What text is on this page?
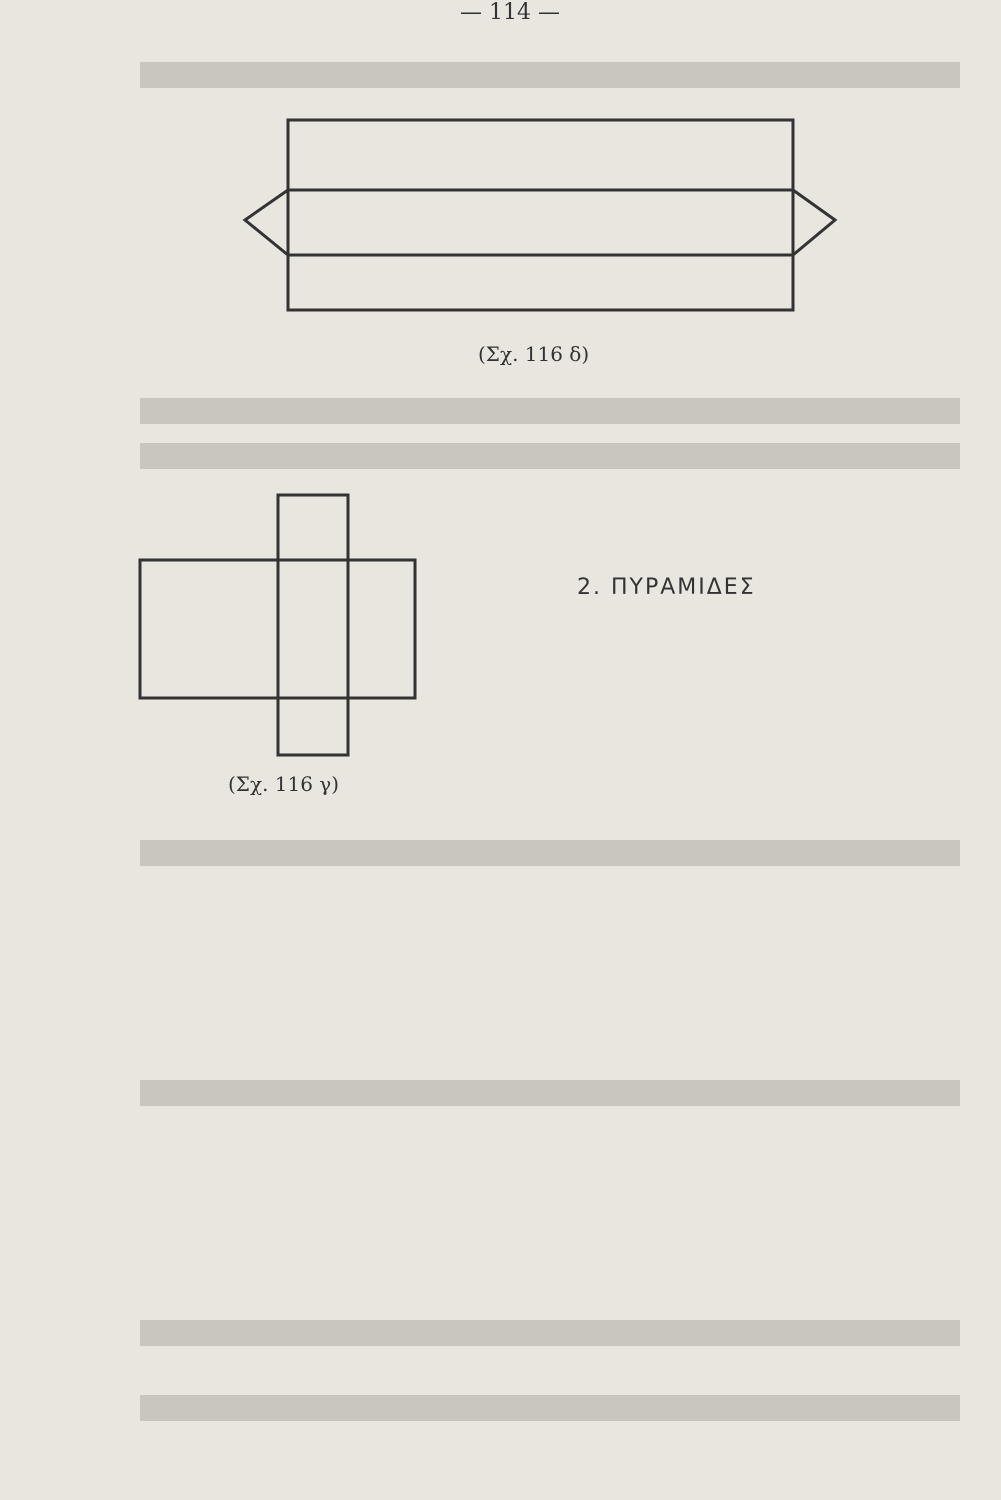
— 114 —
(Σχ. 116 δ)
(Σχ. 116 γ)
2. ΠΥΡΑΜΙΔΕΣ
